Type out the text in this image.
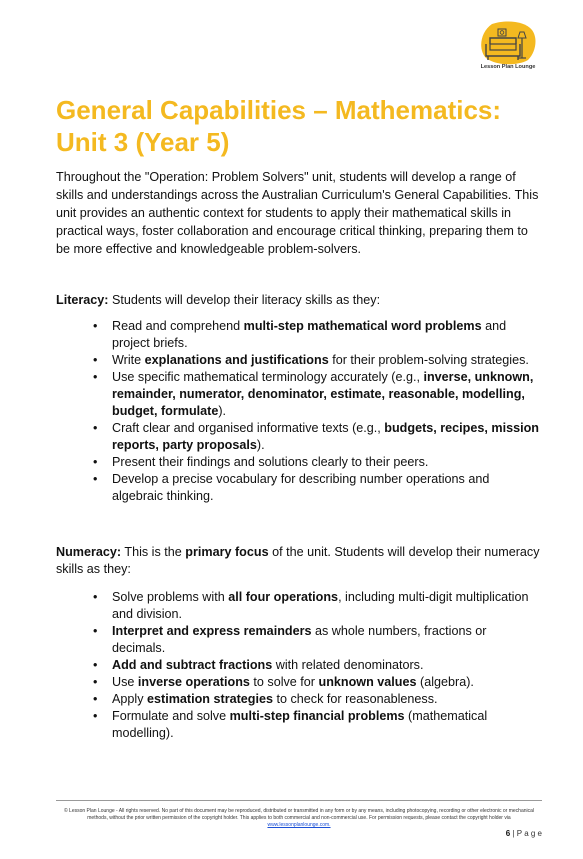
Lesson Plan Lounge
General Capabilities – Mathematics: Unit 3 (Year 5)
Throughout the "Operation: Problem Solvers" unit, students will develop a range of skills and understandings across the Australian Curriculum's General Capabilities. This unit provides an authentic context for students to apply their mathematical skills in practical ways, foster collaboration and encourage critical thinking, preparing them to be more effective and knowledgeable problem-solvers.
Literacy: Students will develop their literacy skills as they:
• Read and comprehend multi-step mathematical word problems and project briefs.
• Write explanations and justifications for their problem-solving strategies.
• Use specific mathematical terminology accurately (e.g., inverse, unknown, remainder, numerator, denominator, estimate, reasonable, modelling, budget, formulate).
• Craft clear and organised informative texts (e.g., budgets, recipes, mission reports, party proposals).
• Present their findings and solutions clearly to their peers.
• Develop a precise vocabulary for describing number operations and algebraic thinking.
Numeracy: This is the primary focus of the unit. Students will develop their numeracy skills as they:
• Solve problems with all four operations, including multi-digit multiplication and division.
• Interpret and express remainders as whole numbers, fractions or decimals.
• Add and subtract fractions with related denominators.
• Use inverse operations to solve for unknown values (algebra).
• Apply estimation strategies to check for reasonableness.
• Formulate and solve multi-step financial problems (mathematical modelling).
© Lesson Plan Lounge - All rights reserved. No part of this document may be reproduced, distributed or transmitted in any form or by any means, including photocopying, recording or other electronic or mechanical methods, without the prior written permission of the copyright holder. This applies to both commercial and non-commercial use. For permission requests, please contact the copyright holder via
www.lessonplanlounge.com.
6 | P a g e
